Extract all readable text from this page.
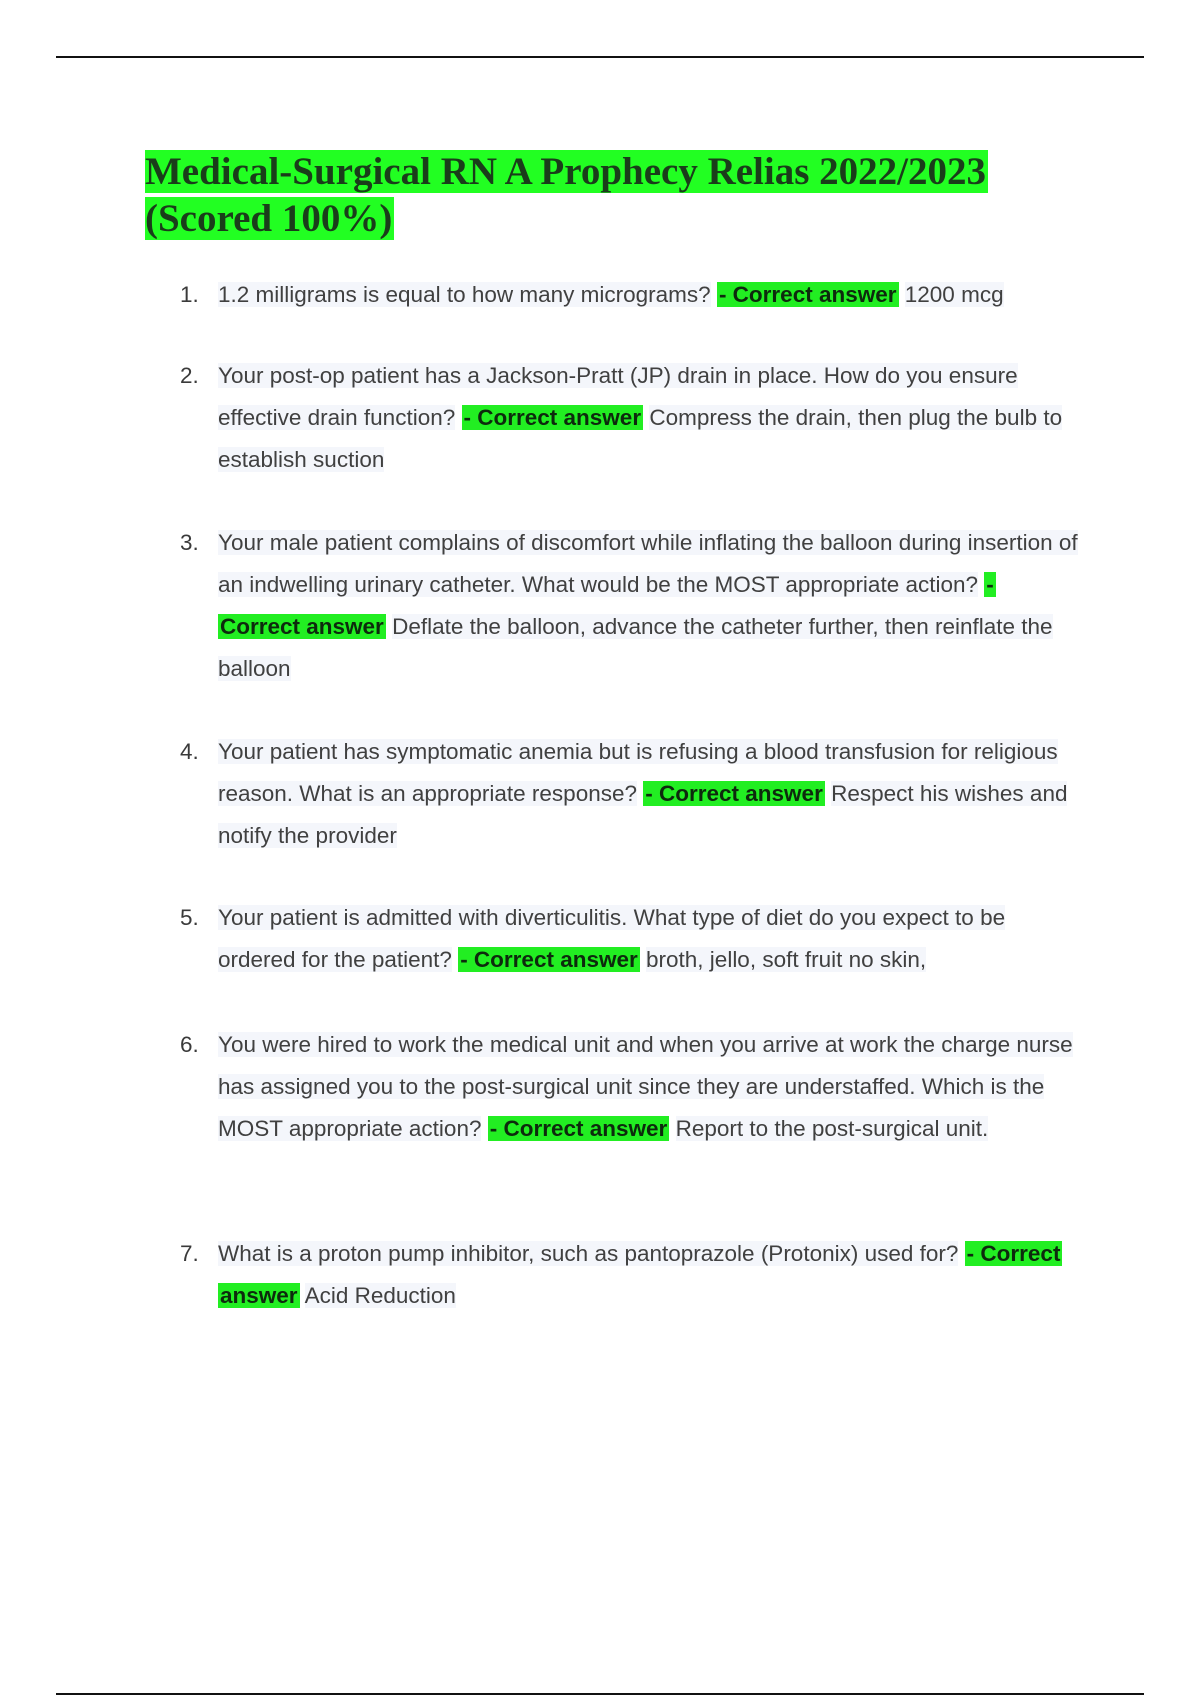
Medical-Surgical RN A Prophecy Relias 2022/2023 (Scored 100%)
1. 1.2 milligrams is equal to how many micrograms? - Correct answer 1200 mcg
2. Your post-op patient has a Jackson-Pratt (JP) drain in place. How do you ensure effective drain function? - Correct answer Compress the drain, then plug the bulb to establish suction
3. Your male patient complains of discomfort while inflating the balloon during insertion of an indwelling urinary catheter. What would be the MOST appropriate action? - Correct answer Deflate the balloon, advance the catheter further, then reinflate the balloon
4. Your patient has symptomatic anemia but is refusing a blood transfusion for religious reason. What is an appropriate response? - Correct answer Respect his wishes and notify the provider
5. Your patient is admitted with diverticulitis. What type of diet do you expect to be ordered for the patient? - Correct answer broth, jello, soft fruit no skin,
6. You were hired to work the medical unit and when you arrive at work the charge nurse has assigned you to the post-surgical unit since they are understaffed. Which is the MOST appropriate action? - Correct answer Report to the post-surgical unit.
7. What is a proton pump inhibitor, such as pantoprazole (Protonix) used for? - Correct answer Acid Reduction
